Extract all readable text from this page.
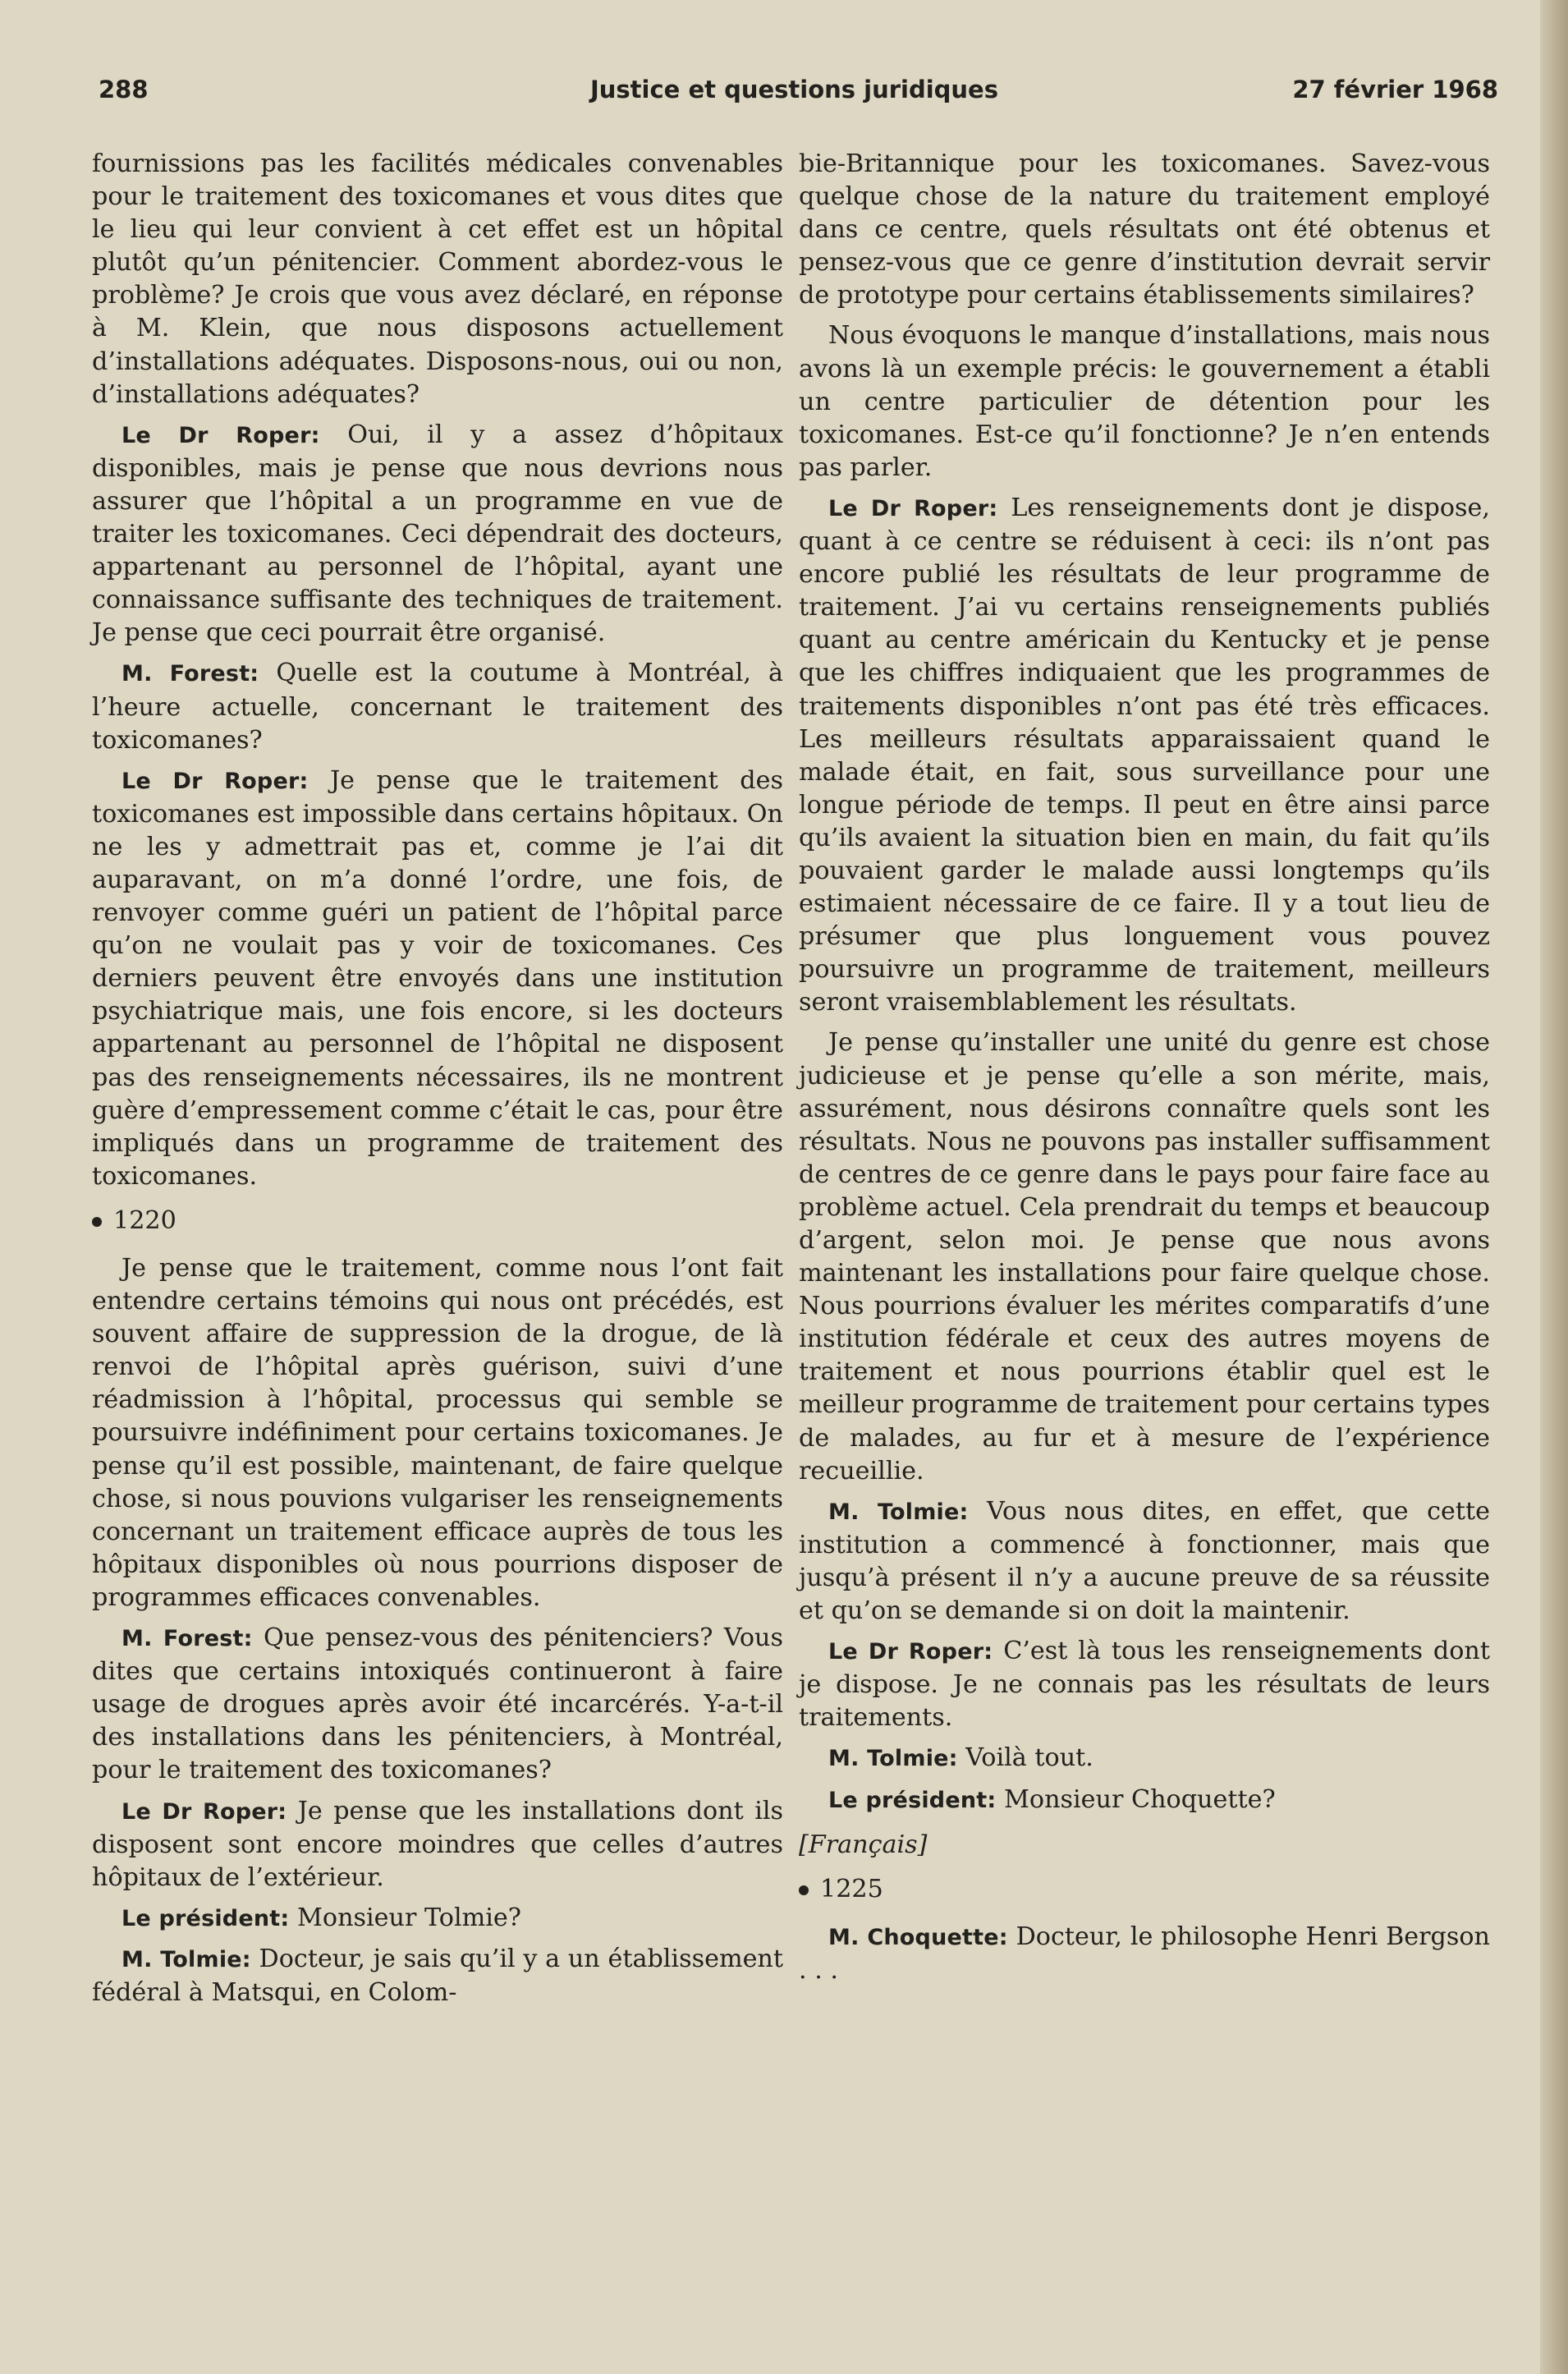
288	Justice et questions juridiques	27 février 1968

fournissions pas les facilités médicales convenables pour le traitement des toxicomanes et vous dites que le lieu qui leur convient à cet effet est un hôpital plutôt qu’un pénitencier. Comment abordez-vous le problème? Je crois que vous avez déclaré, en réponse à M. Klein, que nous disposons actuellement d’installations adéquates. Disposons-nous, oui ou non, d’installations adéquates?

Le Dr Roper: Oui, il y a assez d’hôpitaux disponibles, mais je pense que nous devrions nous assurer que l’hôpital a un programme en vue de traiter les toxicomanes. Ceci dépendrait des docteurs, appartenant au personnel de l’hôpital, ayant une connaissance suffisante des techniques de traitement. Je pense que ceci pourrait être organisé.

M. Forest: Quelle est la coutume à Montréal, à l’heure actuelle, concernant le traitement des toxicomanes?

Le Dr Roper: Je pense que le traitement des toxicomanes est impossible dans certains hôpitaux. On ne les y admettrait pas et, comme je l’ai dit auparavant, on m’a donné l’ordre, une fois, de renvoyer comme guéri un patient de l’hôpital parce qu’on ne voulait pas y voir de toxicomanes. Ces derniers peuvent être envoyés dans une institution psychiatrique mais, une fois encore, si les docteurs appartenant au personnel de l’hôpital ne disposent pas des renseignements nécessaires, ils ne montrent guère d’empressement comme c’était le cas, pour être impliqués dans un programme de traitement des toxicomanes.

1220

Je pense que le traitement, comme nous l’ont fait entendre certains témoins qui nous ont précédés, est souvent affaire de suppression de la drogue, de là renvoi de l’hôpital après guérison, suivi d’une réadmission à l’hôpital, processus qui semble se poursuivre indéfiniment pour certains toxicomanes. Je pense qu’il est possible, maintenant, de faire quelque chose, si nous pouvions vulgariser les renseignements concernant un traitement efficace auprès de tous les hôpitaux disponibles où nous pourrions disposer de programmes efficaces convenables.

M. Forest: Que pensez-vous des pénitenciers? Vous dites que certains intoxiqués continueront à faire usage de drogues après avoir été incarcérés. Y-a-t-il des installations dans les pénitenciers, à Montréal, pour le traitement des toxicomanes?

Le Dr Roper: Je pense que les installations dont ils disposent sont encore moindres que celles d’autres hôpitaux de l’extérieur.

Le président: Monsieur Tolmie?

M. Tolmie: Docteur, je sais qu’il y a un établissement fédéral à Matsqui, en Colom-

bie-Britannique pour les toxicomanes. Savez-vous quelque chose de la nature du traitement employé dans ce centre, quels résultats ont été obtenus et pensez-vous que ce genre d’institution devrait servir de prototype pour certains établissements similaires?

Nous évoquons le manque d’installations, mais nous avons là un exemple précis: le gouvernement a établi un centre particulier de détention pour les toxicomanes. Est-ce qu’il fonctionne? Je n’en entends pas parler.

Le Dr Roper: Les renseignements dont je dispose, quant à ce centre se réduisent à ceci: ils n’ont pas encore publié les résultats de leur programme de traitement. J’ai vu certains renseignements publiés quant au centre américain du Kentucky et je pense que les chiffres indiquaient que les programmes de traitements disponibles n’ont pas été très efficaces. Les meilleurs résultats apparaissaient quand le malade était, en fait, sous surveillance pour une longue période de temps. Il peut en être ainsi parce qu’ils avaient la situation bien en main, du fait qu’ils pouvaient garder le malade aussi longtemps qu’ils estimaient nécessaire de ce faire. Il y a tout lieu de présumer que plus longuement vous pouvez poursuivre un programme de traitement, meilleurs seront vraisemblablement les résultats.

Je pense qu’installer une unité du genre est chose judicieuse et je pense qu’elle a son mérite, mais, assurément, nous désirons connaître quels sont les résultats. Nous ne pouvons pas installer suffisamment de centres de ce genre dans le pays pour faire face au problème actuel. Cela prendrait du temps et beaucoup d’argent, selon moi. Je pense que nous avons maintenant les installations pour faire quelque chose. Nous pourrions évaluer les mérites comparatifs d’une institution fédérale et ceux des autres moyens de traitement et nous pourrions établir quel est le meilleur programme de traitement pour certains types de malades, au fur et à mesure de l’expérience recueillie.

M. Tolmie: Vous nous dites, en effet, que cette institution a commencé à fonctionner, mais que jusqu’à présent il n’y a aucune preuve de sa réussite et qu’on se demande si on doit la maintenir.

Le Dr Roper: C’est là tous les renseignements dont je dispose. Je ne connais pas les résultats de leurs traitements.

M. Tolmie: Voilà tout.

Le président: Monsieur Choquette?

[Français]

1225

M. Choquette: Docteur, le philosophe Henri Bergson . . .
